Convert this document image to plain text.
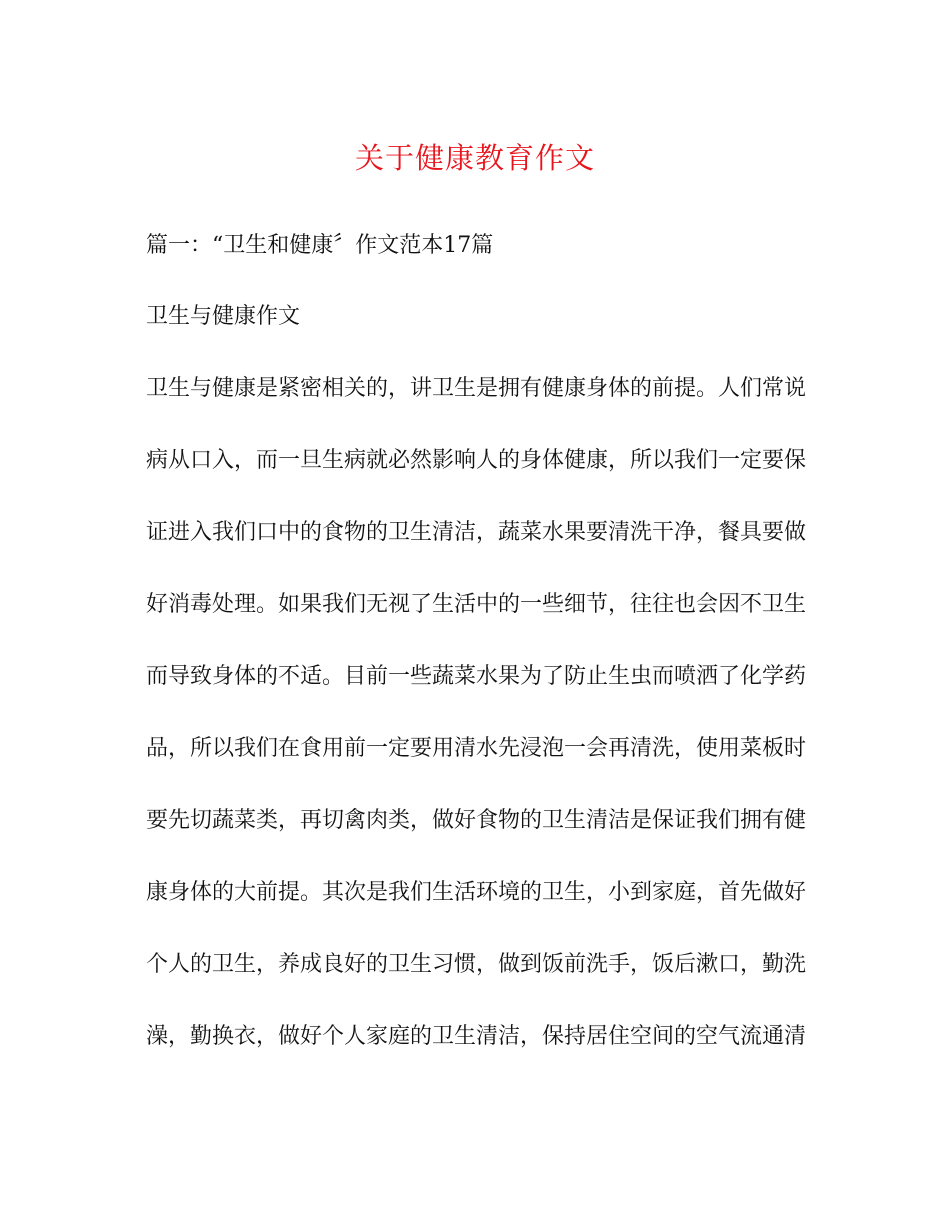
关于健康教育作文
篇一：“卫生和健康〞作文范本17篇
卫生与健康作文
卫生与健康是紧密相关的，讲卫生是拥有健康身体的前提。人们常说
病从口入，而一旦生病就必然影响人的身体健康，所以我们一定要保
证进入我们口中的食物的卫生清洁，蔬菜水果要清洗干净，餐具要做
好消毒处理。如果我们无视了生活中的一些细节，往往也会因不卫生
而导致身体的不适。目前一些蔬菜水果为了防止生虫而喷洒了化学药
品，所以我们在食用前一定要用清水先浸泡一会再清洗，使用菜板时
要先切蔬菜类，再切禽肉类，做好食物的卫生清洁是保证我们拥有健
康身体的大前提。其次是我们生活环境的卫生，小到家庭，首先做好
个人的卫生，养成良好的卫生习惯，做到饭前洗手，饭后漱口，勤洗
澡，勤换衣，做好个人家庭的卫生清洁，保持居住空间的空气流通清
